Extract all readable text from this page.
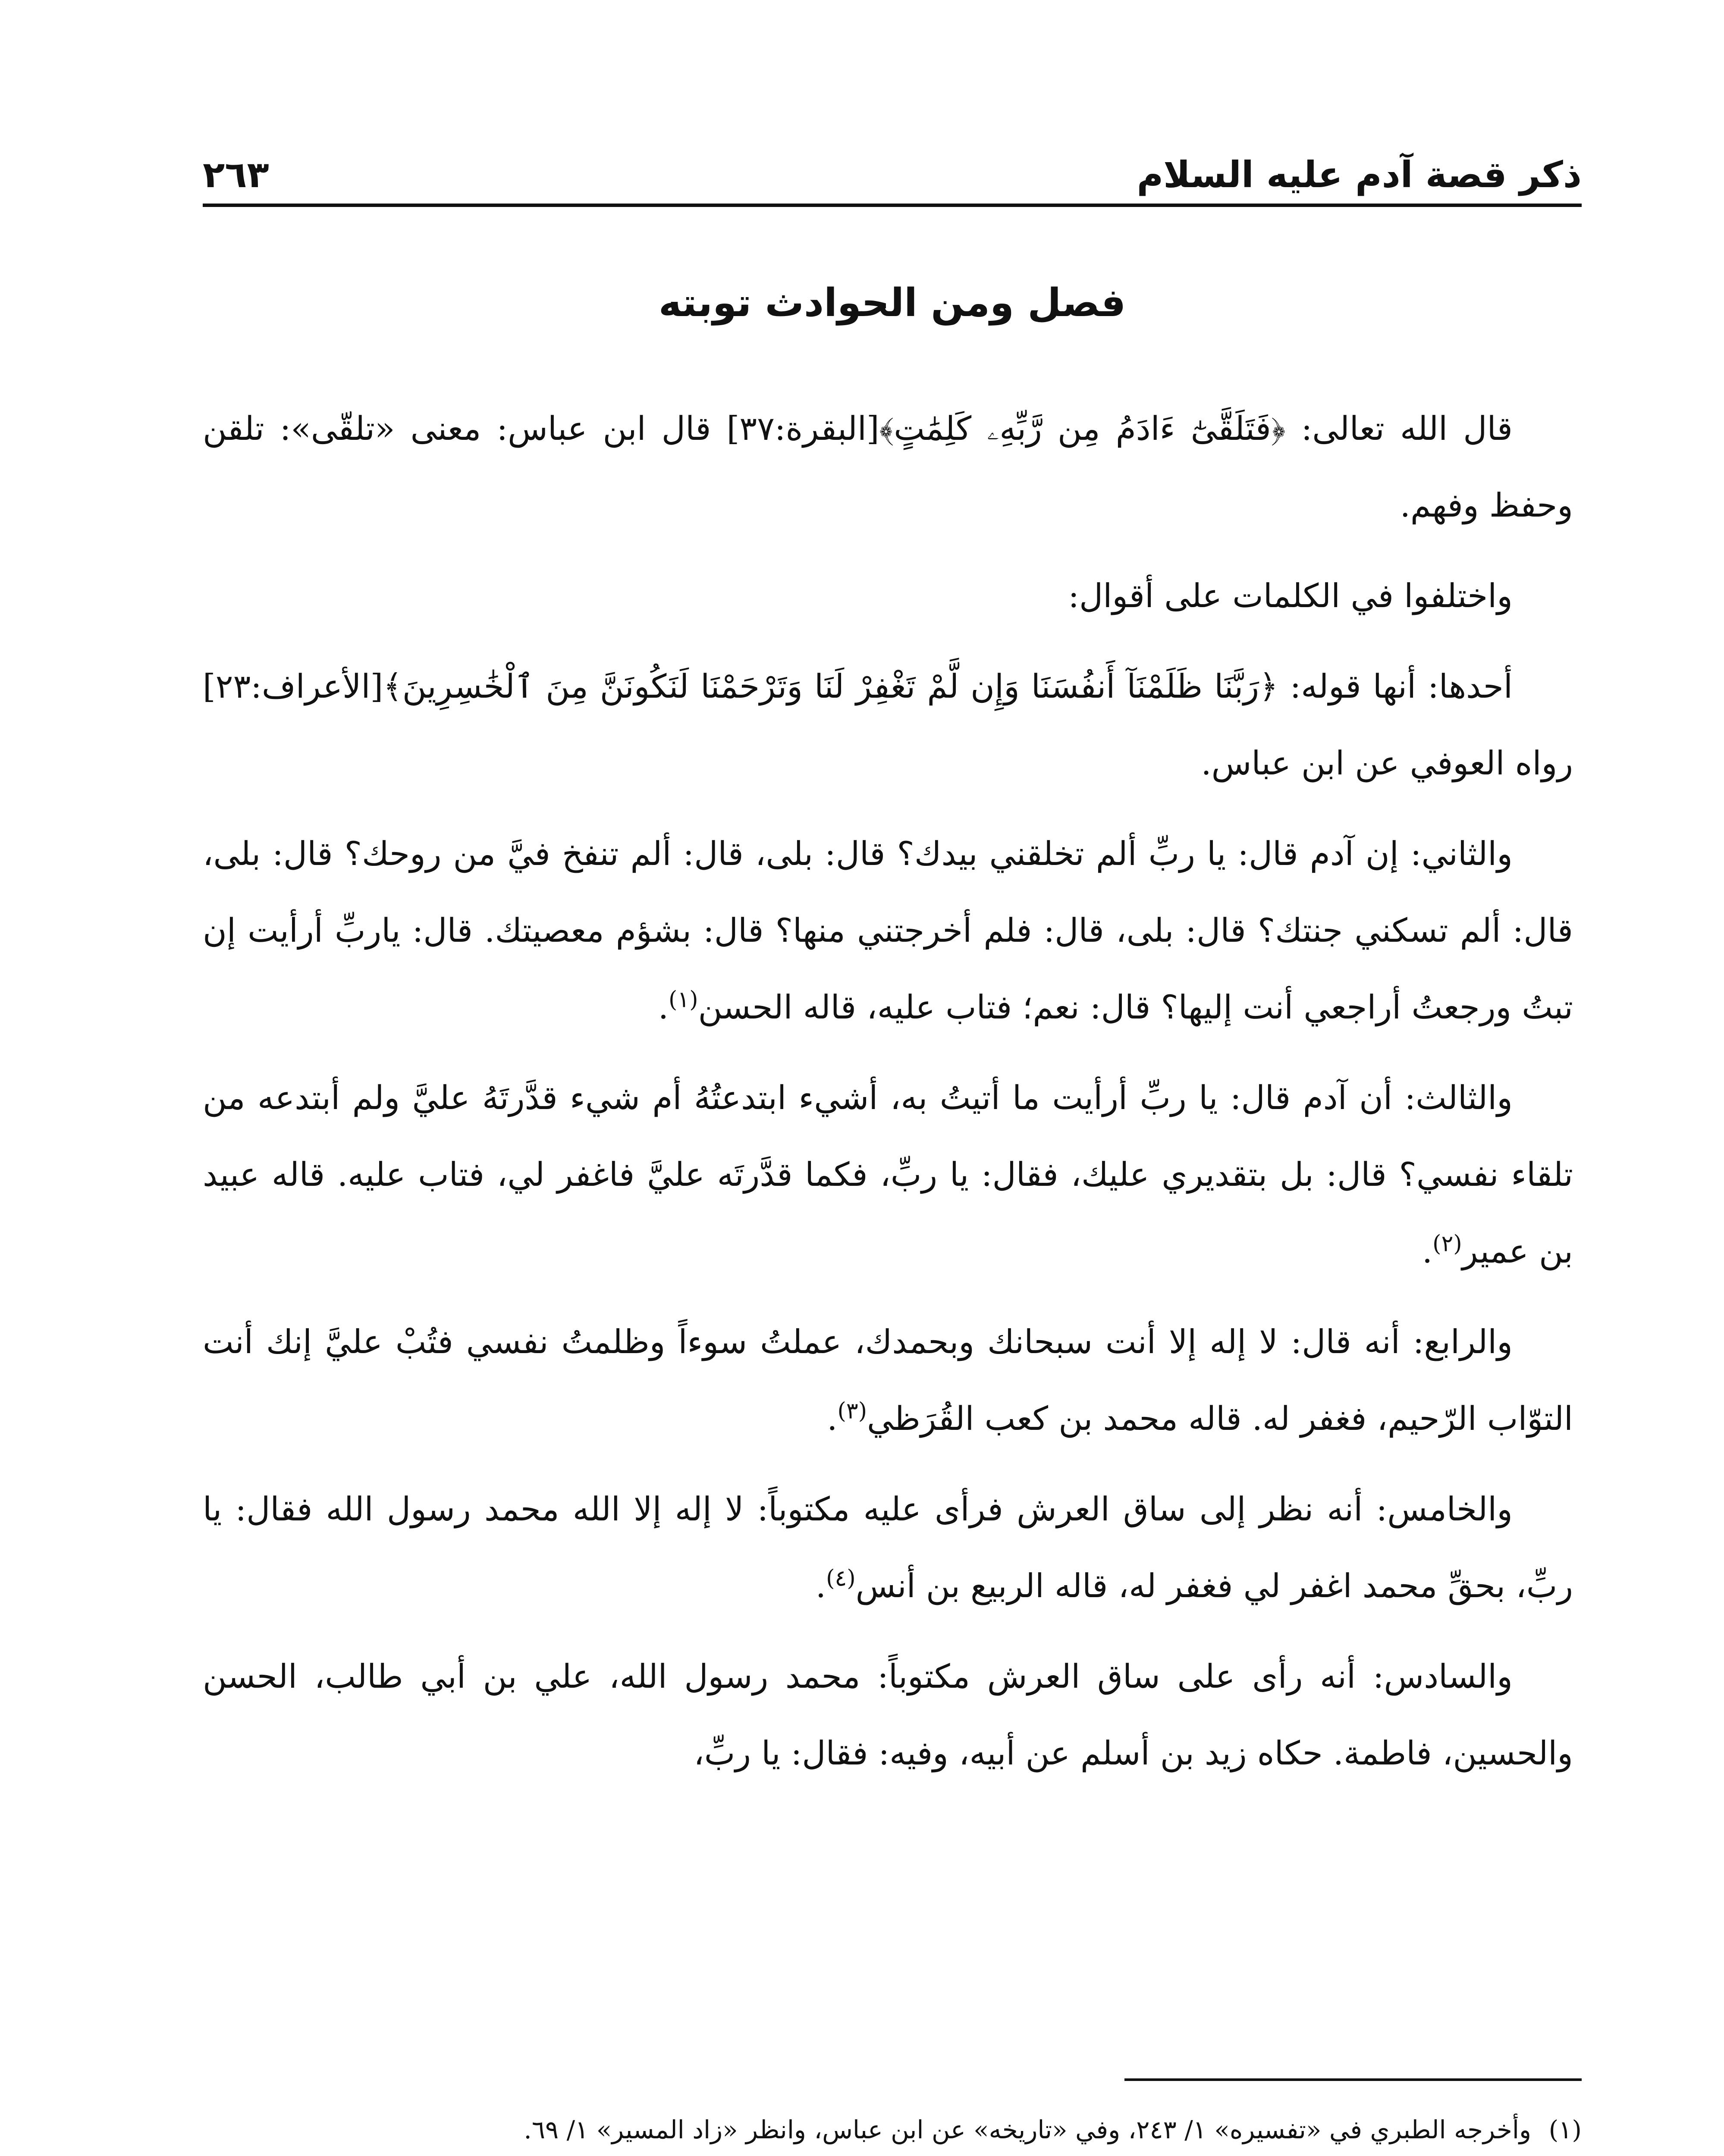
ذكر قصة آدم عليه السلام
٢٦٣
فصل ومن الحوادث توبته

قال الله تعالى: ﴿فَتَلَقَّىٰٓ ءَادَمُ مِن رَّبِّهِۦ كَلِمَٰتٍ﴾[البقرة:٣٧] قال ابن عباس: معنى «تلقّى»: تلقن وحفظ وفهم.

واختلفوا في الكلمات على أقوال:

أحدها: أنها قوله: ﴿رَبَّنَا ظَلَمْنَآ أَنفُسَنَا وَإِن لَّمْ تَغْفِرْ لَنَا وَتَرْحَمْنَا لَنَكُونَنَّ مِنَ ٱلْخَٰسِرِينَ﴾[الأعراف:٢٣] رواه العوفي عن ابن عباس.

والثاني: إن آدم قال: يا ربِّ ألم تخلقني بيدك؟ قال: بلى، قال: ألم تنفخ فيَّ من روحك؟ قال: بلى، قال: ألم تسكني جنتك؟ قال: بلى، قال: فلم أخرجتني منها؟ قال: بشؤم معصيتك. قال: ياربِّ أرأيت إن تبتُ ورجعتُ أراجعي أنت إليها؟ قال: نعم؛ فتاب عليه، قاله الحسن$^{(١)}$.

والثالث: أن آدم قال: يا ربِّ أرأيت ما أتيتُ به، أشيء ابتدعتُهُ أم شيء قدَّرتَهُ عليَّ ولم أبتدعه من تلقاء نفسي؟ قال: بل بتقديري عليك، فقال: يا ربِّ، فكما قدَّرتَه عليَّ فاغفر لي، فتاب عليه. قاله عبيد بن عمير$^{(٢)}$.

والرابع: أنه قال: لا إله إلا أنت سبحانك وبحمدك، عملتُ سوءاً وظلمتُ نفسي فتُبْ عليَّ إنك أنت التوّاب الرّحيم، فغفر له. قاله محمد بن كعب القُرَظي$^{(٣)}$.

والخامس: أنه نظر إلى ساق العرش فرأى عليه مكتوباً: لا إله إلا الله محمد رسول الله فقال: يا ربِّ، بحقِّ محمد اغفر لي فغفر له، قاله الربيع بن أنس$^{(٤)}$.

والسادس: أنه رأى على ساق العرش مكتوباً: محمد رسول الله، علي بن أبي طالب، الحسن والحسين، فاطمة. حكاه زيد بن أسلم عن أبيه، وفيه: فقال: يا ربِّ،

(١)
وأخرجه الطبري في «تفسيره» ١/ ٢٤٣، وفي «تاريخه» عن ابن عباس، وانظر «زاد المسير» ١/ ٦٩.
